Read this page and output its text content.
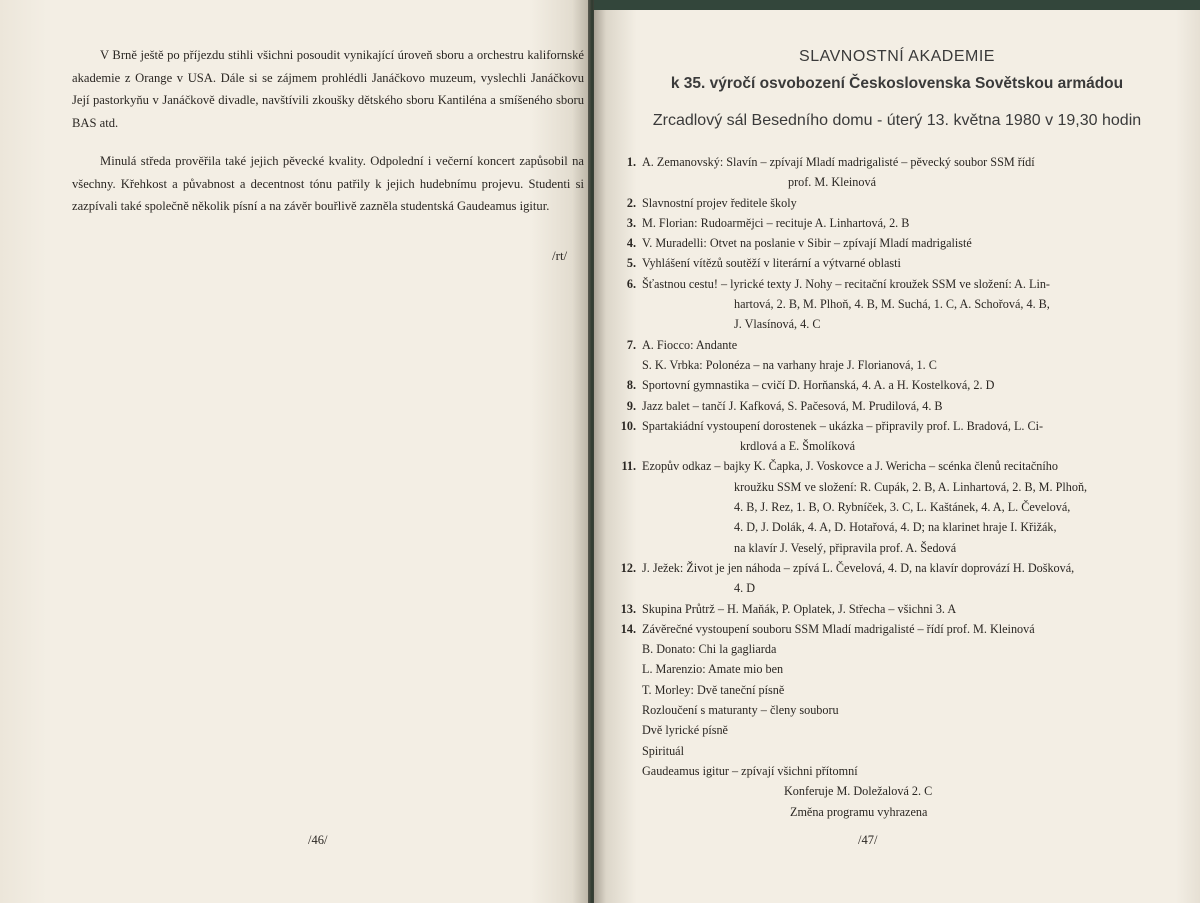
V Brně ještě po příjezdu stihli všichni posoudit vynikající úroveň sboru a orchestru kalifornské akademie z Orange v USA. Dále si se zájmem prohlédli Janáčkovo muzeum, vyslechli Janáčkovu Její pastorkyňu v Janáčkově divadle, navštívili zkoušky dětského sboru Kantiléna a smíšeného sboru BAS atd.
Minulá středa prověřila také jejich pěvecké kvality. Odpolední i večerní koncert zapůsobil na všechny. Křehkost a půvabnost a decentnost tónu patřily k jejich hudebnímu projevu. Studenti si zazpívali také společně několik písní a na závěr bouřlivě zazněla studentská Gaudeamus igitur.
/rt/
/46/
SLAVNOSTNÍ AKADEMIE
k 35. výročí osvobození Československa Sovětskou armádou
Zrcadlový sál Besedního domu - úterý 13. května 1980 v 19,30 hodin
1. A. Zemanovský: Slavín – zpívají Mladí madrigalisté – pěvecký soubor SSM řídí
prof. M. Kleinová
2. Slavnostní projev ředitele školy
3. M. Florian: Rudoarmějci – recituje A. Linhartová, 2. B
4. V. Muradelli: Otvet na poslanie v Sibir – zpívají Mladí madrigalisté
5. Vyhlášení vítězů soutěží v literární a výtvarné oblasti
6. Šťastnou cestu! – lyrické texty J. Nohy – recitační kroužek SSM ve složení: A. Lin-
hartová, 2. B, M. Plhoň, 4. B, M. Suchá, 1. C, A. Schořová, 4. B,
J. Vlasínová, 4. C
7. A. Fiocco: Andante
S. K. Vrbka: Polonéza – na varhany hraje J. Florianová, 1. C
8. Sportovní gymnastika – cvičí D. Horňanská, 4. A. a H. Kostelková, 2. D
9. Jazz balet – tančí J. Kafková, S. Pačesová, M. Prudilová, 4. B
10. Spartakiádní vystoupení dorostenek – ukázka – připravily prof. L. Bradová, L. Ci-
krdlová a E. Šmolíková
11. Ezopův odkaz – bajky K. Čapka, J. Voskovce a J. Wericha – scénka členů recitačního
kroužku SSM ve složení: R. Cupák, 2. B, A. Linhartová, 2. B, M. Plhoň,
4. B, J. Rez, 1. B, O. Rybníček, 3. C, L. Kaštánek, 4. A, L. Čevelová,
4. D, J. Dolák, 4. A, D. Hotařová, 4. D; na klarinet hraje I. Křižák,
na klavír J. Veselý, připravila prof. A. Šedová
12. J. Ježek: Život je jen náhoda – zpívá L. Čevelová, 4. D, na klavír doprovází H. Došková,
4. D
13. Skupina Průtrž – H. Maňák, P. Oplatek, J. Střecha – všichni 3. A
14. Závěrečné vystoupení souboru SSM Mladí madrigalisté – řídí prof. M. Kleinová
B. Donato: Chi la gagliarda
L. Marenzio: Amate mio ben
T. Morley: Dvě taneční písně
Rozloučení s maturanty – členy souboru
Dvě lyrické písně
Spirituál
Gaudeamus igitur – zpívají všichni přítomní
Konferuje M. Doležalová 2. C
Změna programu vyhrazena
/47/
